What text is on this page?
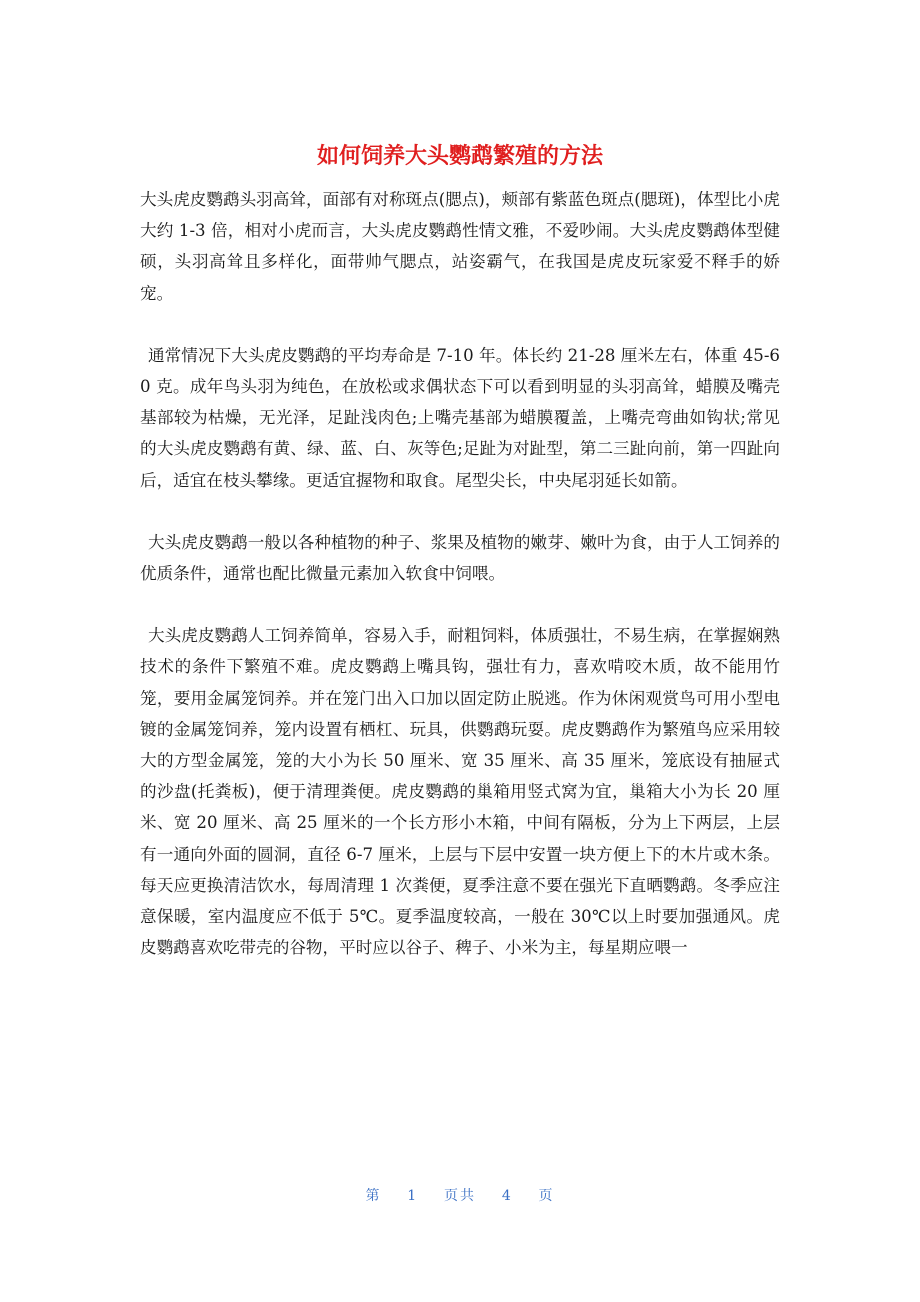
如何饲养大头鹦鹉繁殖的方法

大头虎皮鹦鹉头羽高耸，面部有对称斑点(腮点)，颊部有紫蓝色斑点(腮斑)，体型比小虎大约 1-3 倍，相对小虎而言，大头虎皮鹦鹉性情文雅，不爱吵闹。大头虎皮鹦鹉体型健硕，头羽高耸且多样化，面带帅气腮点，站姿霸气，在我国是虎皮玩家爱不释手的娇宠。

通常情况下大头虎皮鹦鹉的平均寿命是 7-10 年。体长约 21-28 厘米左右，体重 45-60 克。成年鸟头羽为纯色，在放松或求偶状态下可以看到明显的头羽高耸，蜡膜及嘴壳基部较为枯燥，无光泽，足趾浅肉色;上嘴壳基部为蜡膜覆盖，上嘴壳弯曲如钩状;常见的大头虎皮鹦鹉有黄、绿、蓝、白、灰等色;足趾为对趾型，第二三趾向前，第一四趾向后，适宜在枝头攀缘。更适宜握物和取食。尾型尖长，中央尾羽延长如箭。

大头虎皮鹦鹉一般以各种植物的种子、浆果及植物的嫩芽、嫩叶为食，由于人工饲养的优质条件，通常也配比微量元素加入软食中饲喂。

大头虎皮鹦鹉人工饲养简单，容易入手，耐粗饲料，体质强壮，不易生病，在掌握娴熟技术的条件下繁殖不难。虎皮鹦鹉上嘴具钩，强壮有力，喜欢啃咬木质，故不能用竹笼，要用金属笼饲养。并在笼门出入口加以固定防止脱逃。作为休闲观赏鸟可用小型电镀的金属笼饲养，笼内设置有栖杠、玩具，供鹦鹉玩耍。虎皮鹦鹉作为繁殖鸟应采用较大的方型金属笼，笼的大小为长 50 厘米、宽 35 厘米、高 35 厘米，笼底设有抽屉式的沙盘(托粪板)，便于清理粪便。虎皮鹦鹉的巢箱用竖式窝为宜，巢箱大小为长 20 厘米、宽 20 厘米、高 25 厘米的一个长方形小木箱，中间有隔板，分为上下两层，上层有一通向外面的圆洞，直径 6-7 厘米，上层与下层中安置一块方便上下的木片或木条。每天应更换清洁饮水，每周清理 1 次粪便，夏季注意不要在强光下直晒鹦鹉。冬季应注意保暖，室内温度应不低于 5℃。夏季温度较高，一般在 30℃以上时要加强通风。虎皮鹦鹉喜欢吃带壳的谷物，平时应以谷子、稗子、小米为主，每星期应喂一

第 1 页共 4 页
